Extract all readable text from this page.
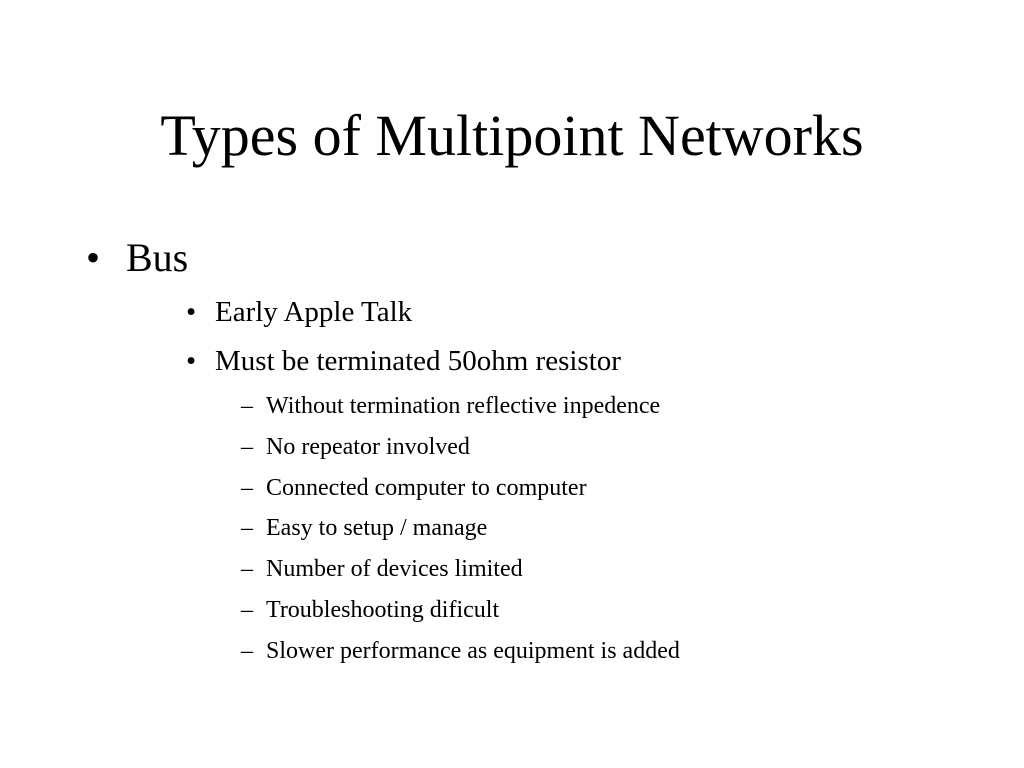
Types of Multipoint Networks
• Bus
• Early Apple Talk
• Must be terminated 50ohm resistor
– Without termination reflective inpedence
– No repeator involved
– Connected computer to computer
– Easy to setup / manage
– Number of devices limited
– Troubleshooting dificult
– Slower performance as equipment is added
